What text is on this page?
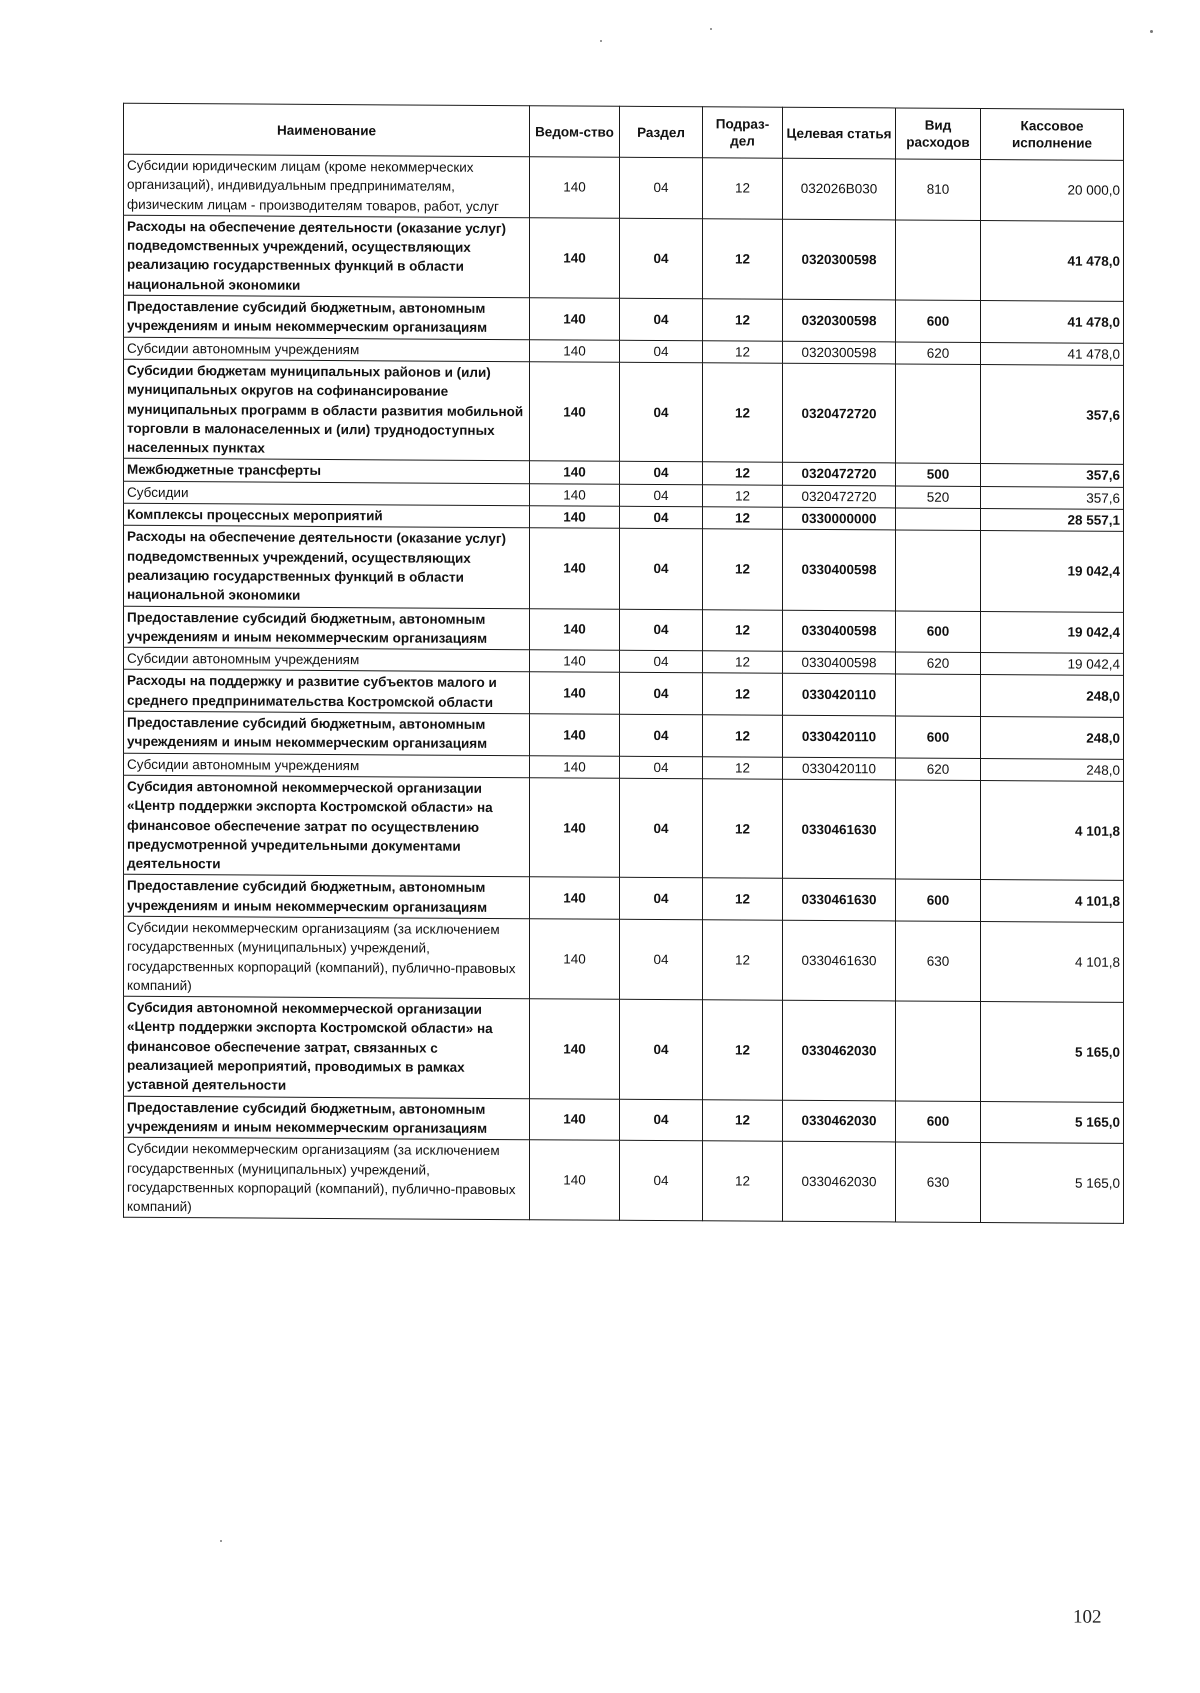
Наименование	Ведом-ство	Раздел	Подраз-дел	Целевая статья	Вид расходов	Кассовое исполнение
Субсидии юридическим лицам (кроме некоммерческих организаций), индивидуальным предпринимателям, физическим лицам - производителям товаров, работ, услуг	140	04	12	032026В030	810	20 000,0
Расходы на обеспечение деятельности (оказание услуг) подведомственных учреждений, осуществляющих реализацию государственных функций в области национальной экономики	140	04	12	0320300598		41 478,0
Предоставление субсидий бюджетным, автономным учреждениям и иным некоммерческим организациям	140	04	12	0320300598	600	41 478,0
Субсидии автономным учреждениям	140	04	12	0320300598	620	41 478,0
Субсидии бюджетам муниципальных районов и (или) муниципальных округов на софинансирование муниципальных программ в области развития мобильной торговли в малонаселенных и (или) труднодоступных населенных пунктах	140	04	12	0320472720		357,6
Межбюджетные трансферты	140	04	12	0320472720	500	357,6
Субсидии	140	04	12	0320472720	520	357,6
Комплексы процессных мероприятий	140	04	12	0330000000		28 557,1
Расходы на обеспечение деятельности (оказание услуг) подведомственных учреждений, осуществляющих реализацию государственных функций в области национальной экономики	140	04	12	0330400598		19 042,4
Предоставление субсидий бюджетным, автономным учреждениям и иным некоммерческим организациям	140	04	12	0330400598	600	19 042,4
Субсидии автономным учреждениям	140	04	12	0330400598	620	19 042,4
Расходы на поддержку и развитие субъектов малого и среднего предпринимательства Костромской области	140	04	12	0330420110		248,0
Предоставление субсидий бюджетным, автономным учреждениям и иным некоммерческим организациям	140	04	12	0330420110	600	248,0
Субсидии автономным учреждениям	140	04	12	0330420110	620	248,0
Субсидия автономной некоммерческой организации «Центр поддержки экспорта Костромской области» на финансовое обеспечение затрат по осуществлению предусмотренной учредительными документами деятельности	140	04	12	0330461630		4 101,8
Предоставление субсидий бюджетным, автономным учреждениям и иным некоммерческим организациям	140	04	12	0330461630	600	4 101,8
Субсидии некоммерческим организациям (за исключением государственных (муниципальных) учреждений, государственных корпораций (компаний), публично-правовых компаний)	140	04	12	0330461630	630	4 101,8
Субсидия автономной некоммерческой организации «Центр поддержки экспорта Костромской области» на финансовое обеспечение затрат, связанных с реализацией мероприятий, проводимых в рамках уставной деятельности	140	04	12	0330462030		5 165,0
Предоставление субсидий бюджетным, автономным учреждениям и иным некоммерческим организациям	140	04	12	0330462030	600	5 165,0
Субсидии некоммерческим организациям (за исключением государственных (муниципальных) учреждений, государственных корпораций (компаний), публично-правовых компаний)	140	04	12	0330462030	630	5 165,0
102
